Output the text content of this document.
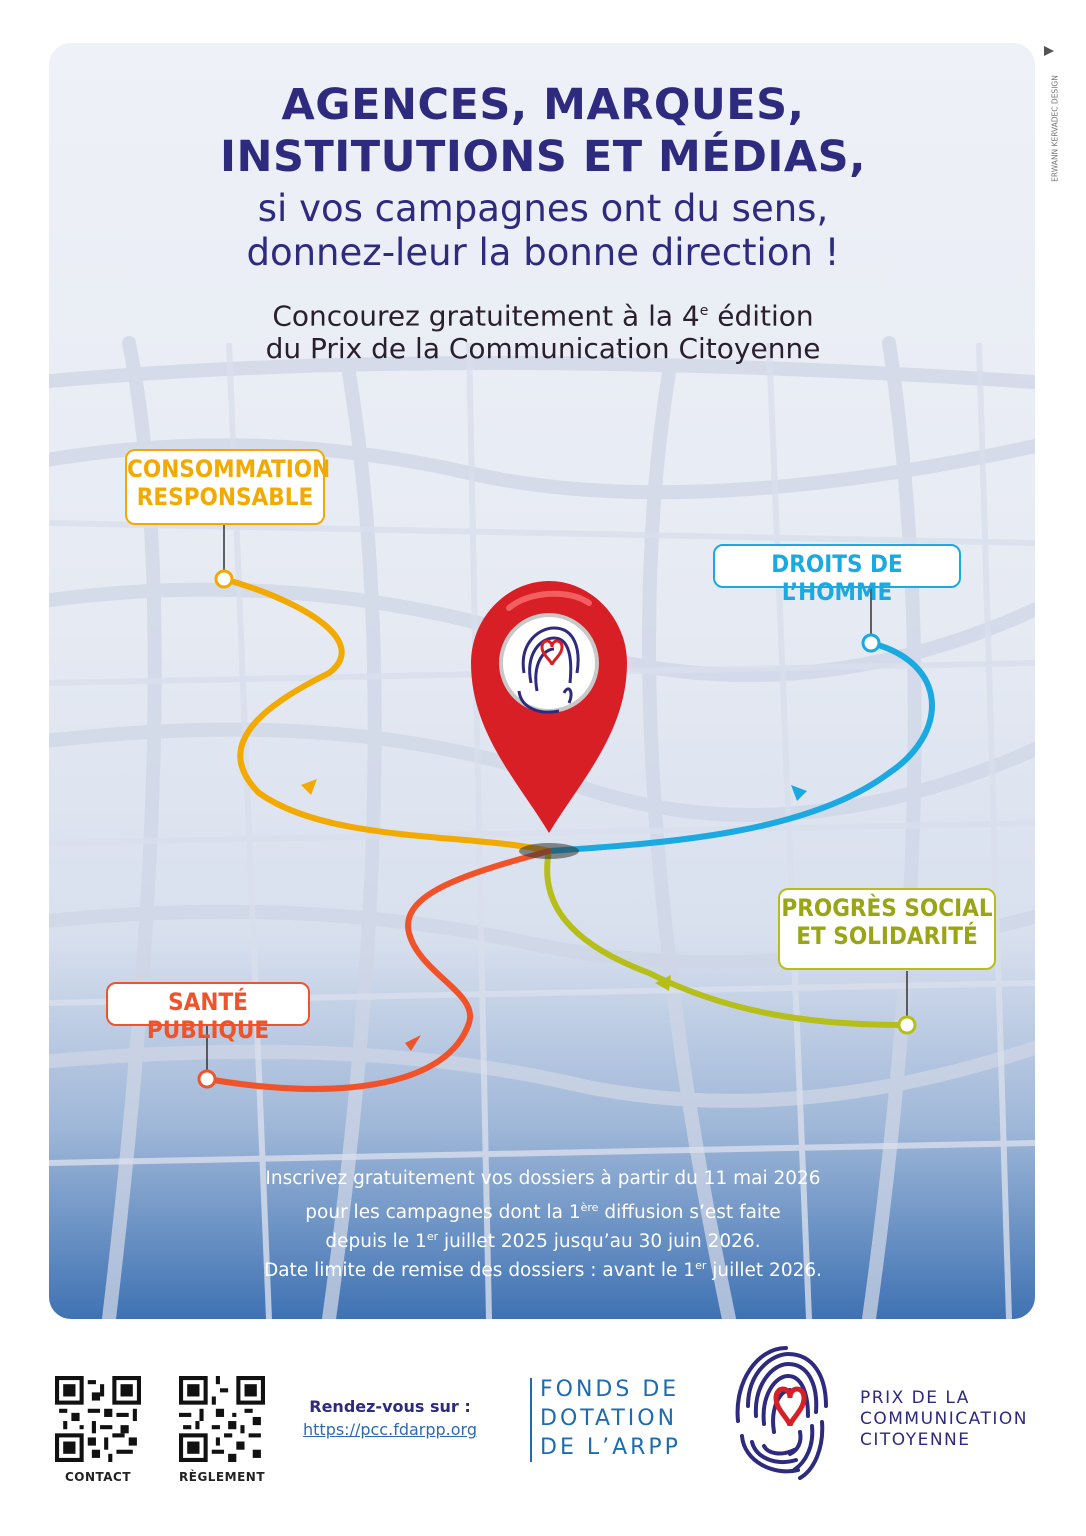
AGENCES, MARQUES,
INSTITUTIONS ET MÉDIAS,
si vos campagnes ont du sens,
donnez-leur la bonne direction !
Concourez gratuitement à la 4e édition
du Prix de la Communication Citoyenne
CONSOMMATION
RESPONSABLE
DROITS DE L’HOMME
PROGRÈS SOCIAL
ET SOLIDARITÉ
SANTÉ PUBLIQUE
Inscrivez gratuitement vos dossiers à partir du 11 mai 2026
pour les campagnes dont la 1ère diffusion s’est faite
depuis le 1er juillet 2025 jusqu’au 30 juin 2026.
Date limite de remise des dossiers : avant le 1er juillet 2026.
ERWANN KERVADEC DESIGN
CONTACT	RÈGLEMENT
Rendez-vous sur :
https://pcc.fdarpp.org
FONDS DE
DOTATION
DE L’ARPP
PRIX DE LA
COMMUNICATION
CITOYENNE
